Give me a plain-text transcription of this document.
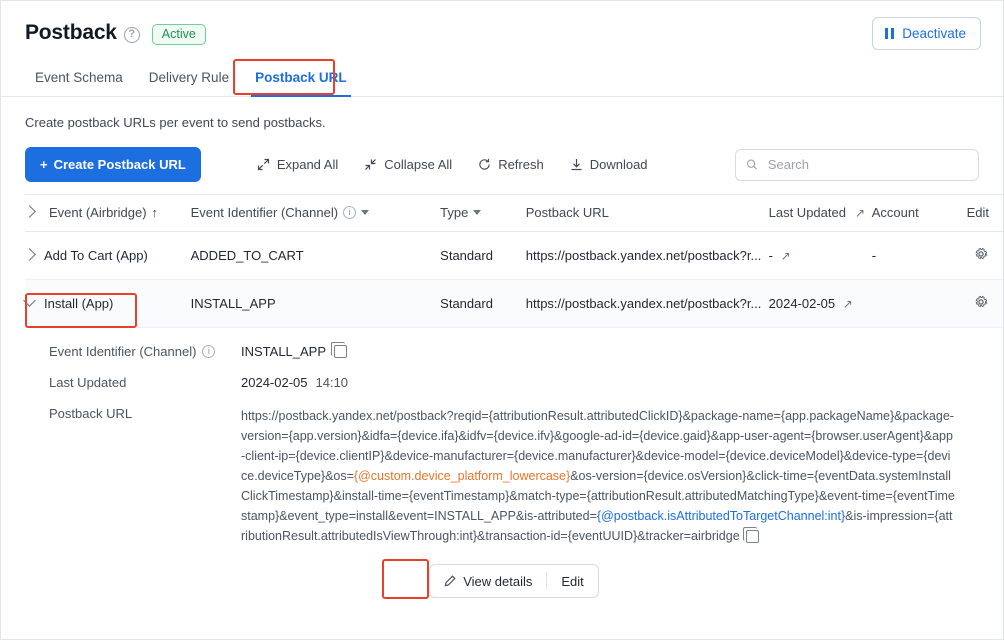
Postback	?	Active	Deactivate
Event Schema	Delivery Rule	Postback URL
Create postback URLs per event to send postbacks.
+ Create Postback URL	Expand All	Collapse All	Refresh	Download
Search
Event (Airbridge) ↑	Event Identifier (Channel) i	Type	Postback URL	Last Updated ↗	Account	Edit

Add To Cart (App)	ADDED_TO_CART	Standard	https://postback.yandex.net/postback?r...	- ↗	-	

Install (App)	INSTALL_APP	Standard	https://postback.yandex.net/postback?r...	2024-02-05 ↗		
Event Identifier (Channel)	i	INSTALL_APP
Last Updated	2024-02-05 14:10
Postback URL	https://postback.yandex.net/postback?reqid={attributionResult.attributedClickID}&package-name={app.packageName}&package-version={app.version}&idfa={device.ifa}&idfv={device.ifv}&google-ad-id={device.gaid}&app-user-agent={browser.userAgent}&app-client-ip={device.clientIP}&device-manufacturer={device.manufacturer}&device-model={device.deviceModel}&device-type={device.deviceType}&os={@custom.device_platform_lowercase}&os-version={device.osVersion}&click-time={eventData.systemInstallClickTimestamp}&install-time={eventTimestamp}&match-type={attributionResult.attributedMatchingType}&event-time={eventTimestamp}&event_type=install&event=INSTALL_APP&is-attributed={@postback.isAttributedToTargetChannel:int}&is-impression={attributionResult.attributedIsViewThrough:int}&transaction-id={eventUUID}&tracker=airbridge
View details Edit
